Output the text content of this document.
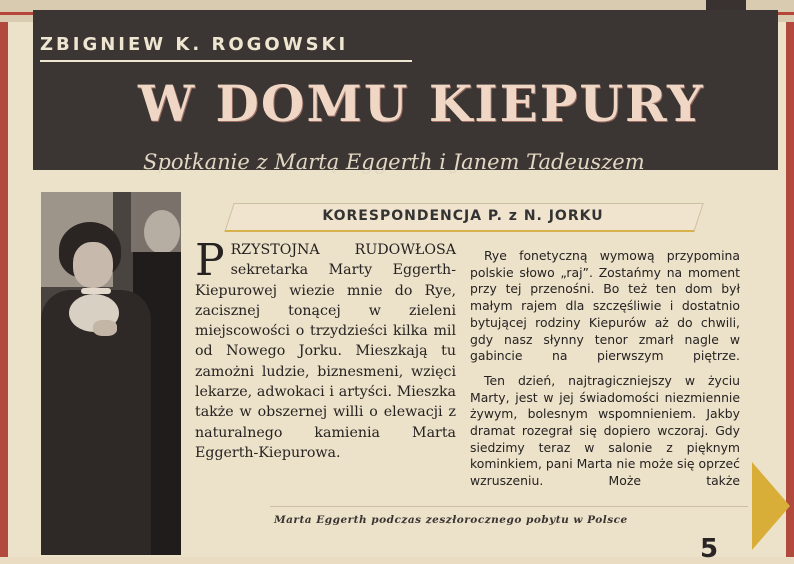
ZBIGNIEW K. ROGOWSKI
W DOMU KIEPURY
Spotkanie z Martą Eggerth i Janem Tadeuszem
KORESPONDENCJA P. z N. JORKU
P RZYSTOJNA RUDOWŁOSA sekretarka Marty Eggerth-Kiepurowej wiezie mnie do Rye, zacisznej tonącej w zieleni miejscowości o trzydzieści kilka mil od Nowego Jorku. Mieszkają tu zamożni ludzie, biznesmeni, wzięci lekarze, adwokaci i artyści. Mieszka także w obszernej willi o elewacji z naturalnego kamienia Marta Eggerth-Kiepurowa.

Rye fonetyczną wymową przypomina polskie słowo „raj”. Zostańmy na moment przy tej przenośni. Bo też ten dom był małym rajem dla szczęśliwie i dostatnio bytującej rodziny Kiepurów aż do chwili, gdy nasz słynny tenor zmarł nagle w gabincie na pierwszym piętrze.

Ten dzień, najtragiczniejszy w życiu Marty, jest w jej świadomości niezmiennie żywym, bolesnym wspomnieniem. Jakby dramat rozegrał się dopiero wczoraj. Gdy siedzimy teraz w salonie z pięknym kominkiem, pani Marta nie może się oprzeć wzruszeniu. Może także

Marta Eggerth podczas zeszłorocznego pobytu w Polsce
5
